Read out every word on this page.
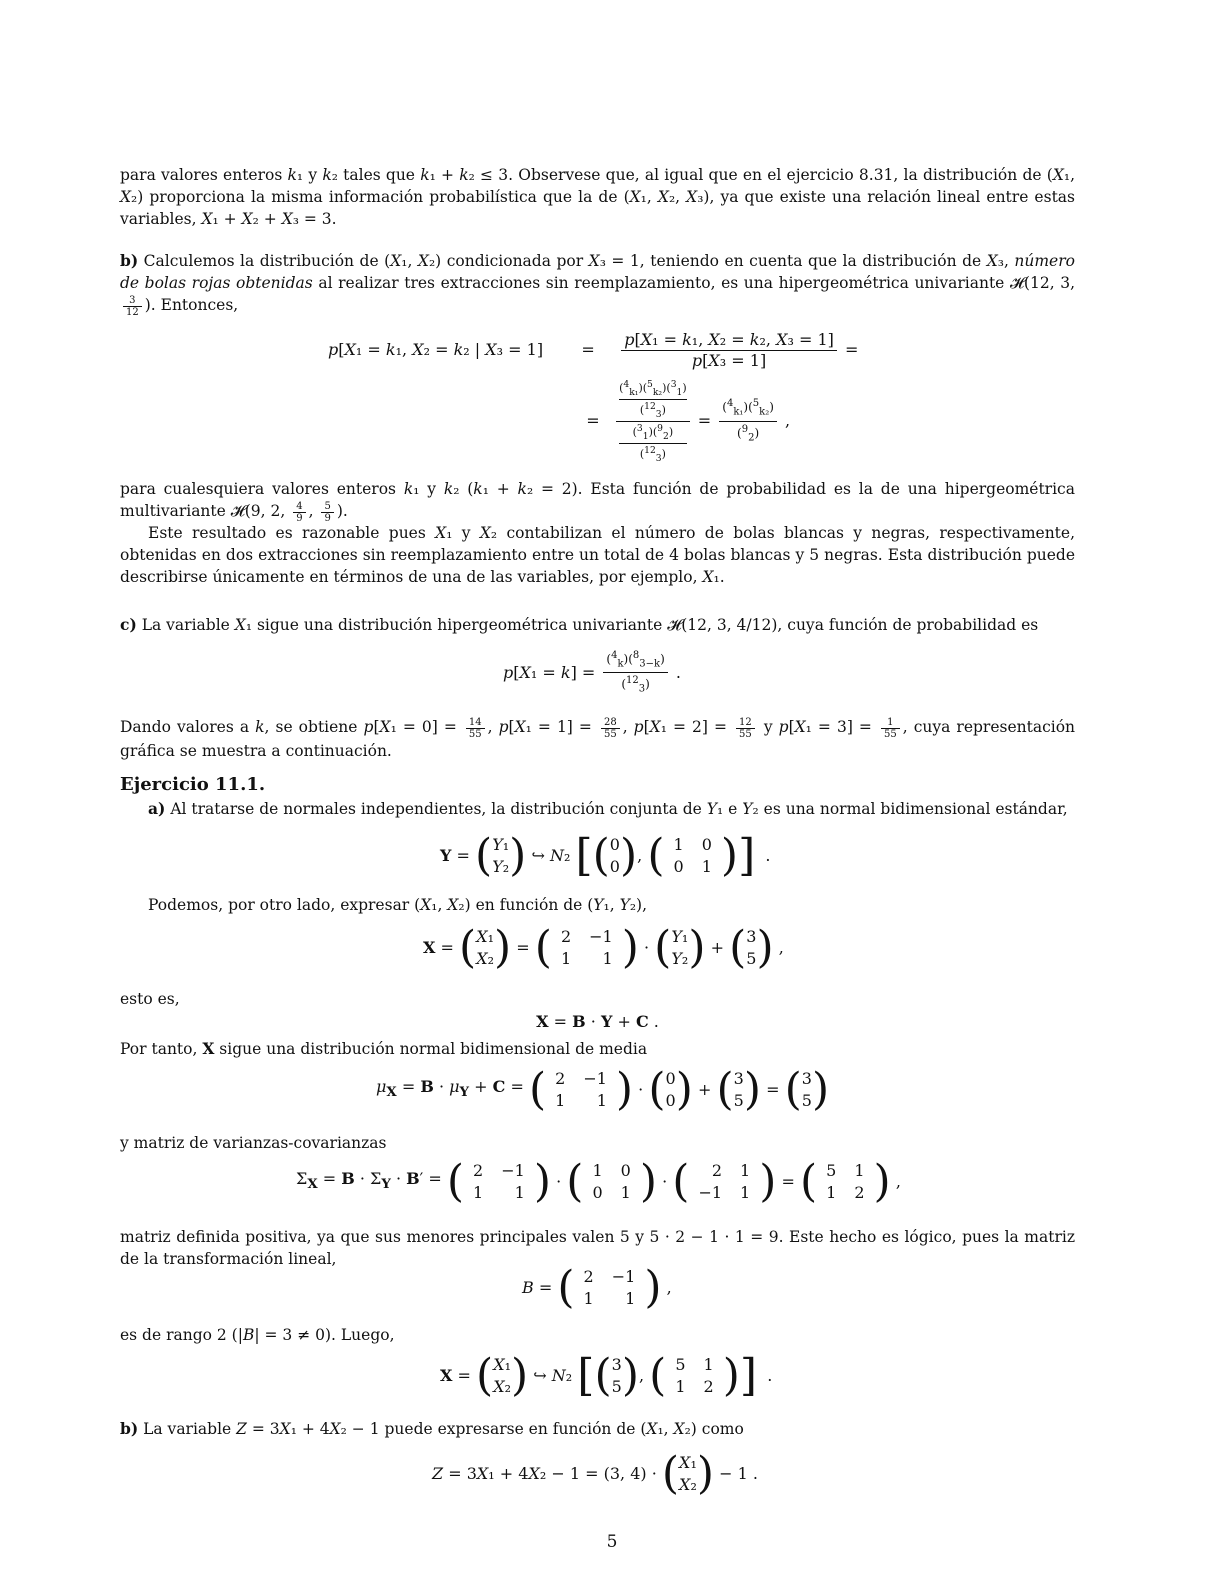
para valores enteros k₁ y k₂ tales que k₁ + k₂ ≤ 3. Observese que, al igual que en el ejercicio 8.31, la distribución de (X₁, X₂) proporciona la misma información probabilística que la de (X₁, X₂, X₃), ya que existe una relación lineal entre estas variables, X₁ + X₂ + X₃ = 3.

b) Calculemos la distribución de (X₁, X₂) condicionada por X₃ = 1, teniendo en cuenta que la distribución de X₃, número de bolas rojas obtenidas al realizar tres extracciones sin reemplazamiento, es una hipergeométrica univariante 𝓗(12, 3,
$\frac{3}{12}$ ). Entonces,

p[X₁ = k₁, X₂ = k₂ | $X_3 = 1] = \frac{\text{p[X₁ = k₁, X₂ = k₂, X₃ = 1]}}{\text{p[X₃ = 1]}}$ =
= ($^4_{k_1}$)($^5_{k_2}$)($^3_1$)
($^{12}_3$)
($^3_1$)($^9_2$)
$(^{12}_3) = \frac{(^4_{k_1})(^5_{k_2})}{(^9_2)}$ ,

para cualesquiera valores enteros k₁ y k₂ (k₁ + k₂ = 2). Esta función de probabilidad es la de una hipergeométrica multivariante 𝓗(9, 2, $\frac{4}{9}$ , $\frac{5}{9}$ ).

Este resultado es razonable pues X₁ y X₂ contabilizan el número de bolas blancas y negras, respectivamente, obtenidas en dos extracciones sin reemplazamiento entre un total de 4 bolas blancas y 5 negras. Esta distribución puede describirse únicamente en términos de una de las variables, por ejemplo, X₁.

c) La variable X₁ sigue una distribución hipergeométrica univariante 𝓗(12, 3, 4/12), cuya función de probabilidad es

$p[X_1 = k] = \frac{(^4_k)(^8_{3-k})}{(^{12}_3)}$ .

Dando valores a k, se obtiene $p[X_1 = 0] = \frac{14}{55}$ , $p[X_1 = 1] = \frac{28}{55}$ , $p[X_1 = 2] = \frac{12}{55}$ y $p[X_1 = 3] = \frac{1}{55}$ , cuya representación gráfica se muestra a continuación.

Ejercicio 11.1.

a) Al tratarse de normales independientes, la distribución conjunta de Y₁ e Y₂ es una normal bidimensional estándar,

Y = (Y₁
Y₂) ↪ N₂ [(0
0), ( 1	0
0	1 )]  .

Podemos, por otro lado, expresar (X₁, X₂) en función de (Y₁, Y₂),

X = (X₁
X₂) = ( 2	−1
1	1 ) · (Y₁
Y₂) + (3
5) ,

esto es,

X = B · Y + C .

Por tanto, X sigue una distribución normal bidimensional de media

$\mu_X = B \cdot \mu_Y + C$ = ( 2	−1
1	1 ) · (0
0) + (3
5) = (3
5)

y matriz de varianzas-covarianzas

$\Sigma_X = B \cdot \Sigma_Y \cdot B'$ = ( 2	−1
1	1 ) · ( 1	0
0	1 ) · ( 2	1
−1	1 ) = ( 5	1
1	2 ) ,

matriz definida positiva, ya que sus menores principales valen 5 y 5 · 2 − 1 · 1 = 9. Este hecho es lógico, pues la matriz de la transformación lineal,

B = ( 2	−1
1	1 ) ,

es de rango 2 (|B| = 3 ≠ 0). Luego,

X = (X₁
X₂) ↪ N₂ [(3
5), ( 5	1
1	2 )]  .

b) La variable Z = 3X₁ + 4X₂ − 1 puede expresarse en función de (X₁, X₂) como

Z = 3X₁ + 4X₂ − 1 = (3, 4) · (X₁
X₂) − 1 .
5
